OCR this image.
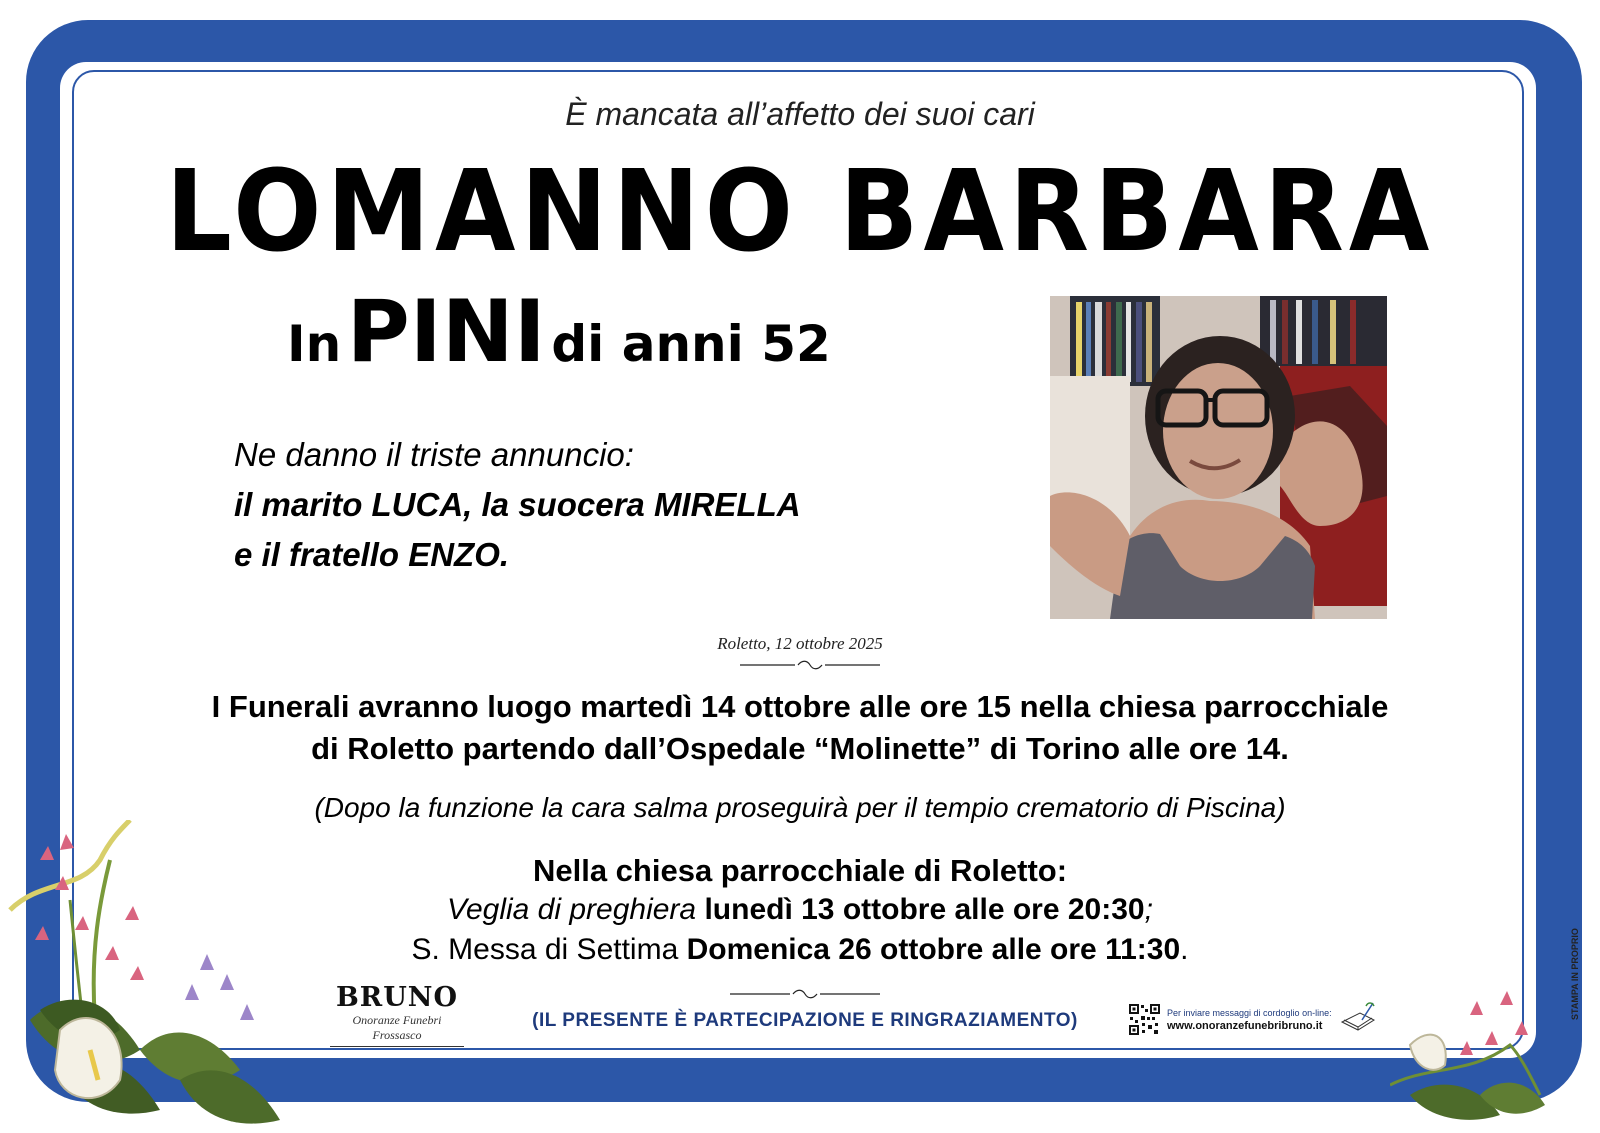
È mancata all’affetto dei suoi cari
LOMANNO BARBARA
In PINI di anni 52
Ne danno il triste annuncio:
il marito LUCA, la suocera MIRELLA
e il fratello ENZO.
Roletto, 12 ottobre 2025
I Funerali avranno luogo martedì 14 ottobre alle ore 15 nella chiesa parrocchiale
di Roletto partendo dall’Ospedale “Molinette” di Torino alle ore 14.
(Dopo la funzione la cara salma proseguirà per il tempio crematorio di Piscina)
Nella chiesa parrocchiale di Roletto:
Veglia di preghiera lunedì 13 ottobre alle ore 20:30;
S. Messa di Settima Domenica 26 ottobre alle ore 11:30.
(IL PRESENTE È PARTECIPAZIONE E RINGRAZIAMENTO)
BRUNO
Onoranze Funebri Frossasco
Per inviare messaggi di cordoglio on-line:
www.onoranzefunebribruno.it
STAMPA IN PROPRIO
